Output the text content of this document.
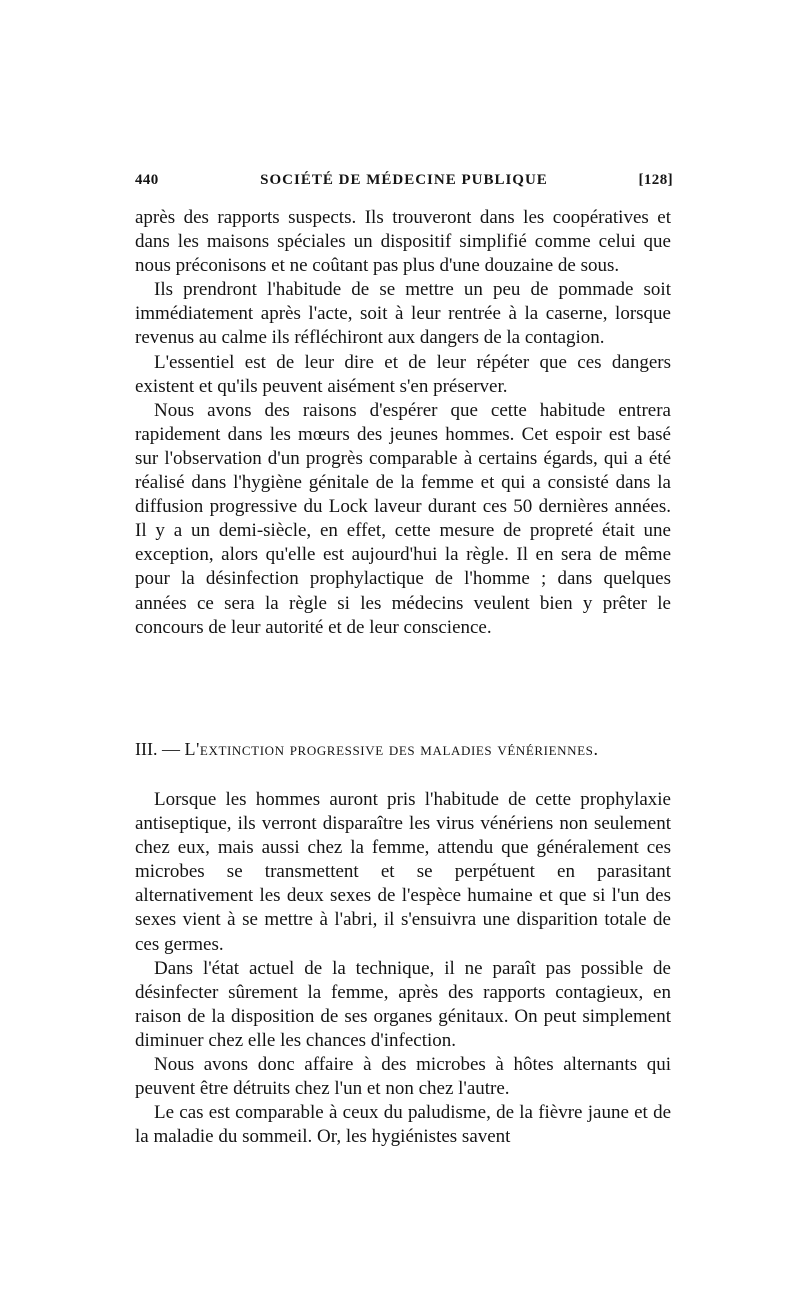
440	SOCIÉTÉ DE MÉDECINE PUBLIQUE	[128]

après des rapports suspects. Ils trouveront dans les coopératives et dans les maisons spéciales un dispositif simplifié comme celui que nous préconisons et ne coûtant pas plus d'une douzaine de sous.

Ils prendront l'habitude de se mettre un peu de pommade soit immédiatement après l'acte, soit à leur rentrée à la caserne, lorsque revenus au calme ils réfléchiront aux dangers de la contagion.

L'essentiel est de leur dire et de leur répéter que ces dangers existent et qu'ils peuvent aisément s'en préserver.

Nous avons des raisons d'espérer que cette habitude entrera rapidement dans les mœurs des jeunes hommes. Cet espoir est basé sur l'observation d'un progrès comparable à certains égards, qui a été réalisé dans l'hygiène génitale de la femme et qui a consisté dans la diffusion progressive du Lock laveur durant ces 50 dernières années. Il y a un demi-siècle, en effet, cette mesure de propreté était une exception, alors qu'elle est aujourd'hui la règle. Il en sera de même pour la désinfection prophylactique de l'homme ; dans quelques années ce sera la règle si les médecins veulent bien y prêter le concours de leur autorité et de leur conscience.

III. — L'extinction progressive des maladies vénériennes.

Lorsque les hommes auront pris l'habitude de cette prophylaxie antiseptique, ils verront disparaître les virus vénériens non seulement chez eux, mais aussi chez la femme, attendu que généralement ces microbes se transmettent et se perpétuent en parasitant alternativement les deux sexes de l'espèce humaine et que si l'un des sexes vient à se mettre à l'abri, il s'ensuivra une disparition totale de ces germes.

Dans l'état actuel de la technique, il ne paraît pas possible de désinfecter sûrement la femme, après des rapports contagieux, en raison de la disposition de ses organes génitaux. On peut simplement diminuer chez elle les chances d'infection.

Nous avons donc affaire à des microbes à hôtes alternants qui peuvent être détruits chez l'un et non chez l'autre.

Le cas est comparable à ceux du paludisme, de la fièvre jaune et de la maladie du sommeil. Or, les hygiénistes savent
